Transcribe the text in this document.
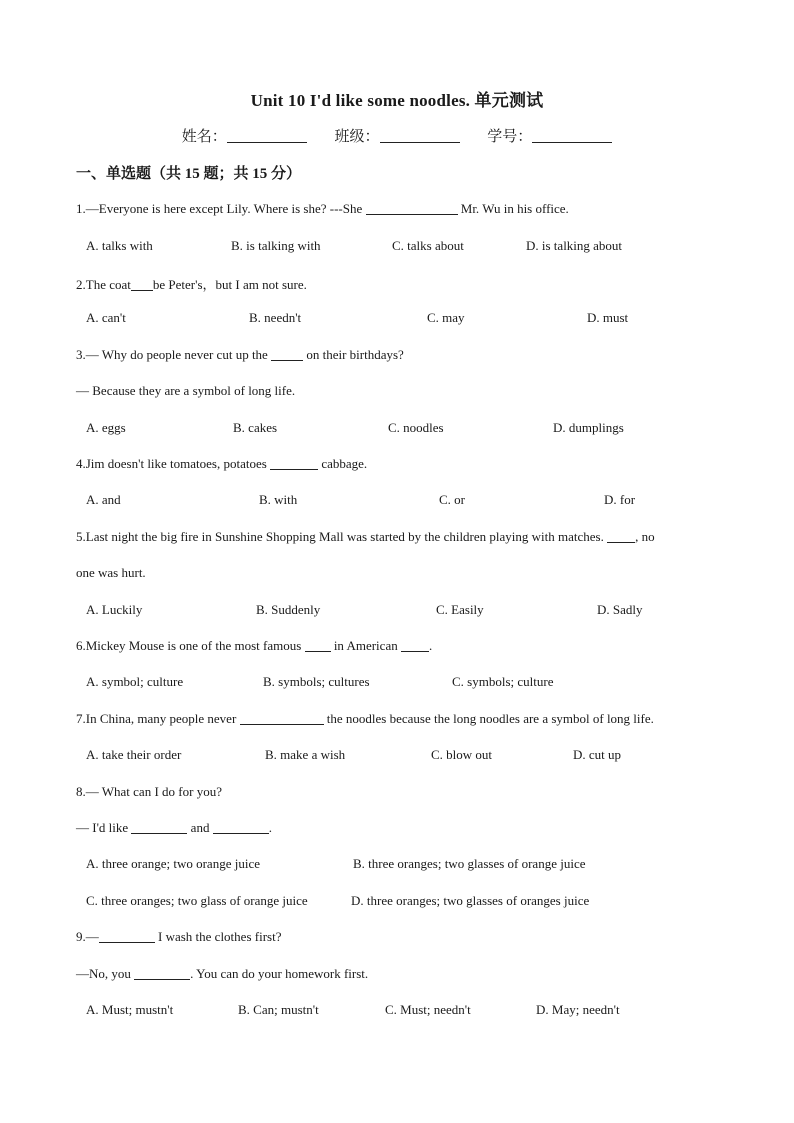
Unit 10 I'd like some noodles. 单元测试
姓名：	班级：	学号：
一、单选题（共 15 题；共 15 分）
1.—Everyone is here except Lily. Where is she? ---She	Mr. Wu in his office.
A. talks with	B. is talking with	C. talks about	D. is talking about
2.The coat be Peter's，but I am not sure.
A. can't	B. needn't	C. may	D. must
3.— Why do people never cut up the  on their birthdays?
— Because they are a symbol of long life.
A. eggs	B. cakes	C. noodles	D. dumplings
4.Jim doesn't like tomatoes, potatoes	cabbage.
A. and	B. with	C. or	D. for
5.Last night the big fire in Sunshine Shopping Mall was started by the children playing with matches. , no
one was hurt.
A. Luckily	B. Suddenly	C. Easily	D. Sadly
6.Mickey Mouse is one of the most famous  in American .
A. symbol; culture	B. symbols; cultures	C. symbols; culture
7.In China, many people never	the noodles because the long noodles are a symbol of long life.
A. take their order	B. make a wish	C. blow out	D. cut up
8.— What can I do for you?
— I'd like	and	.
A. three orange; two orange juice	B. three oranges; two glasses of orange juice
C. three oranges; two glass of orange juice	D. three oranges; two glasses of oranges juice
9.—	I wash the clothes first?
—No, you	. You can do your homework first.
A. Must; mustn't	B. Can; mustn't	C. Must; needn't	D. May; needn't
